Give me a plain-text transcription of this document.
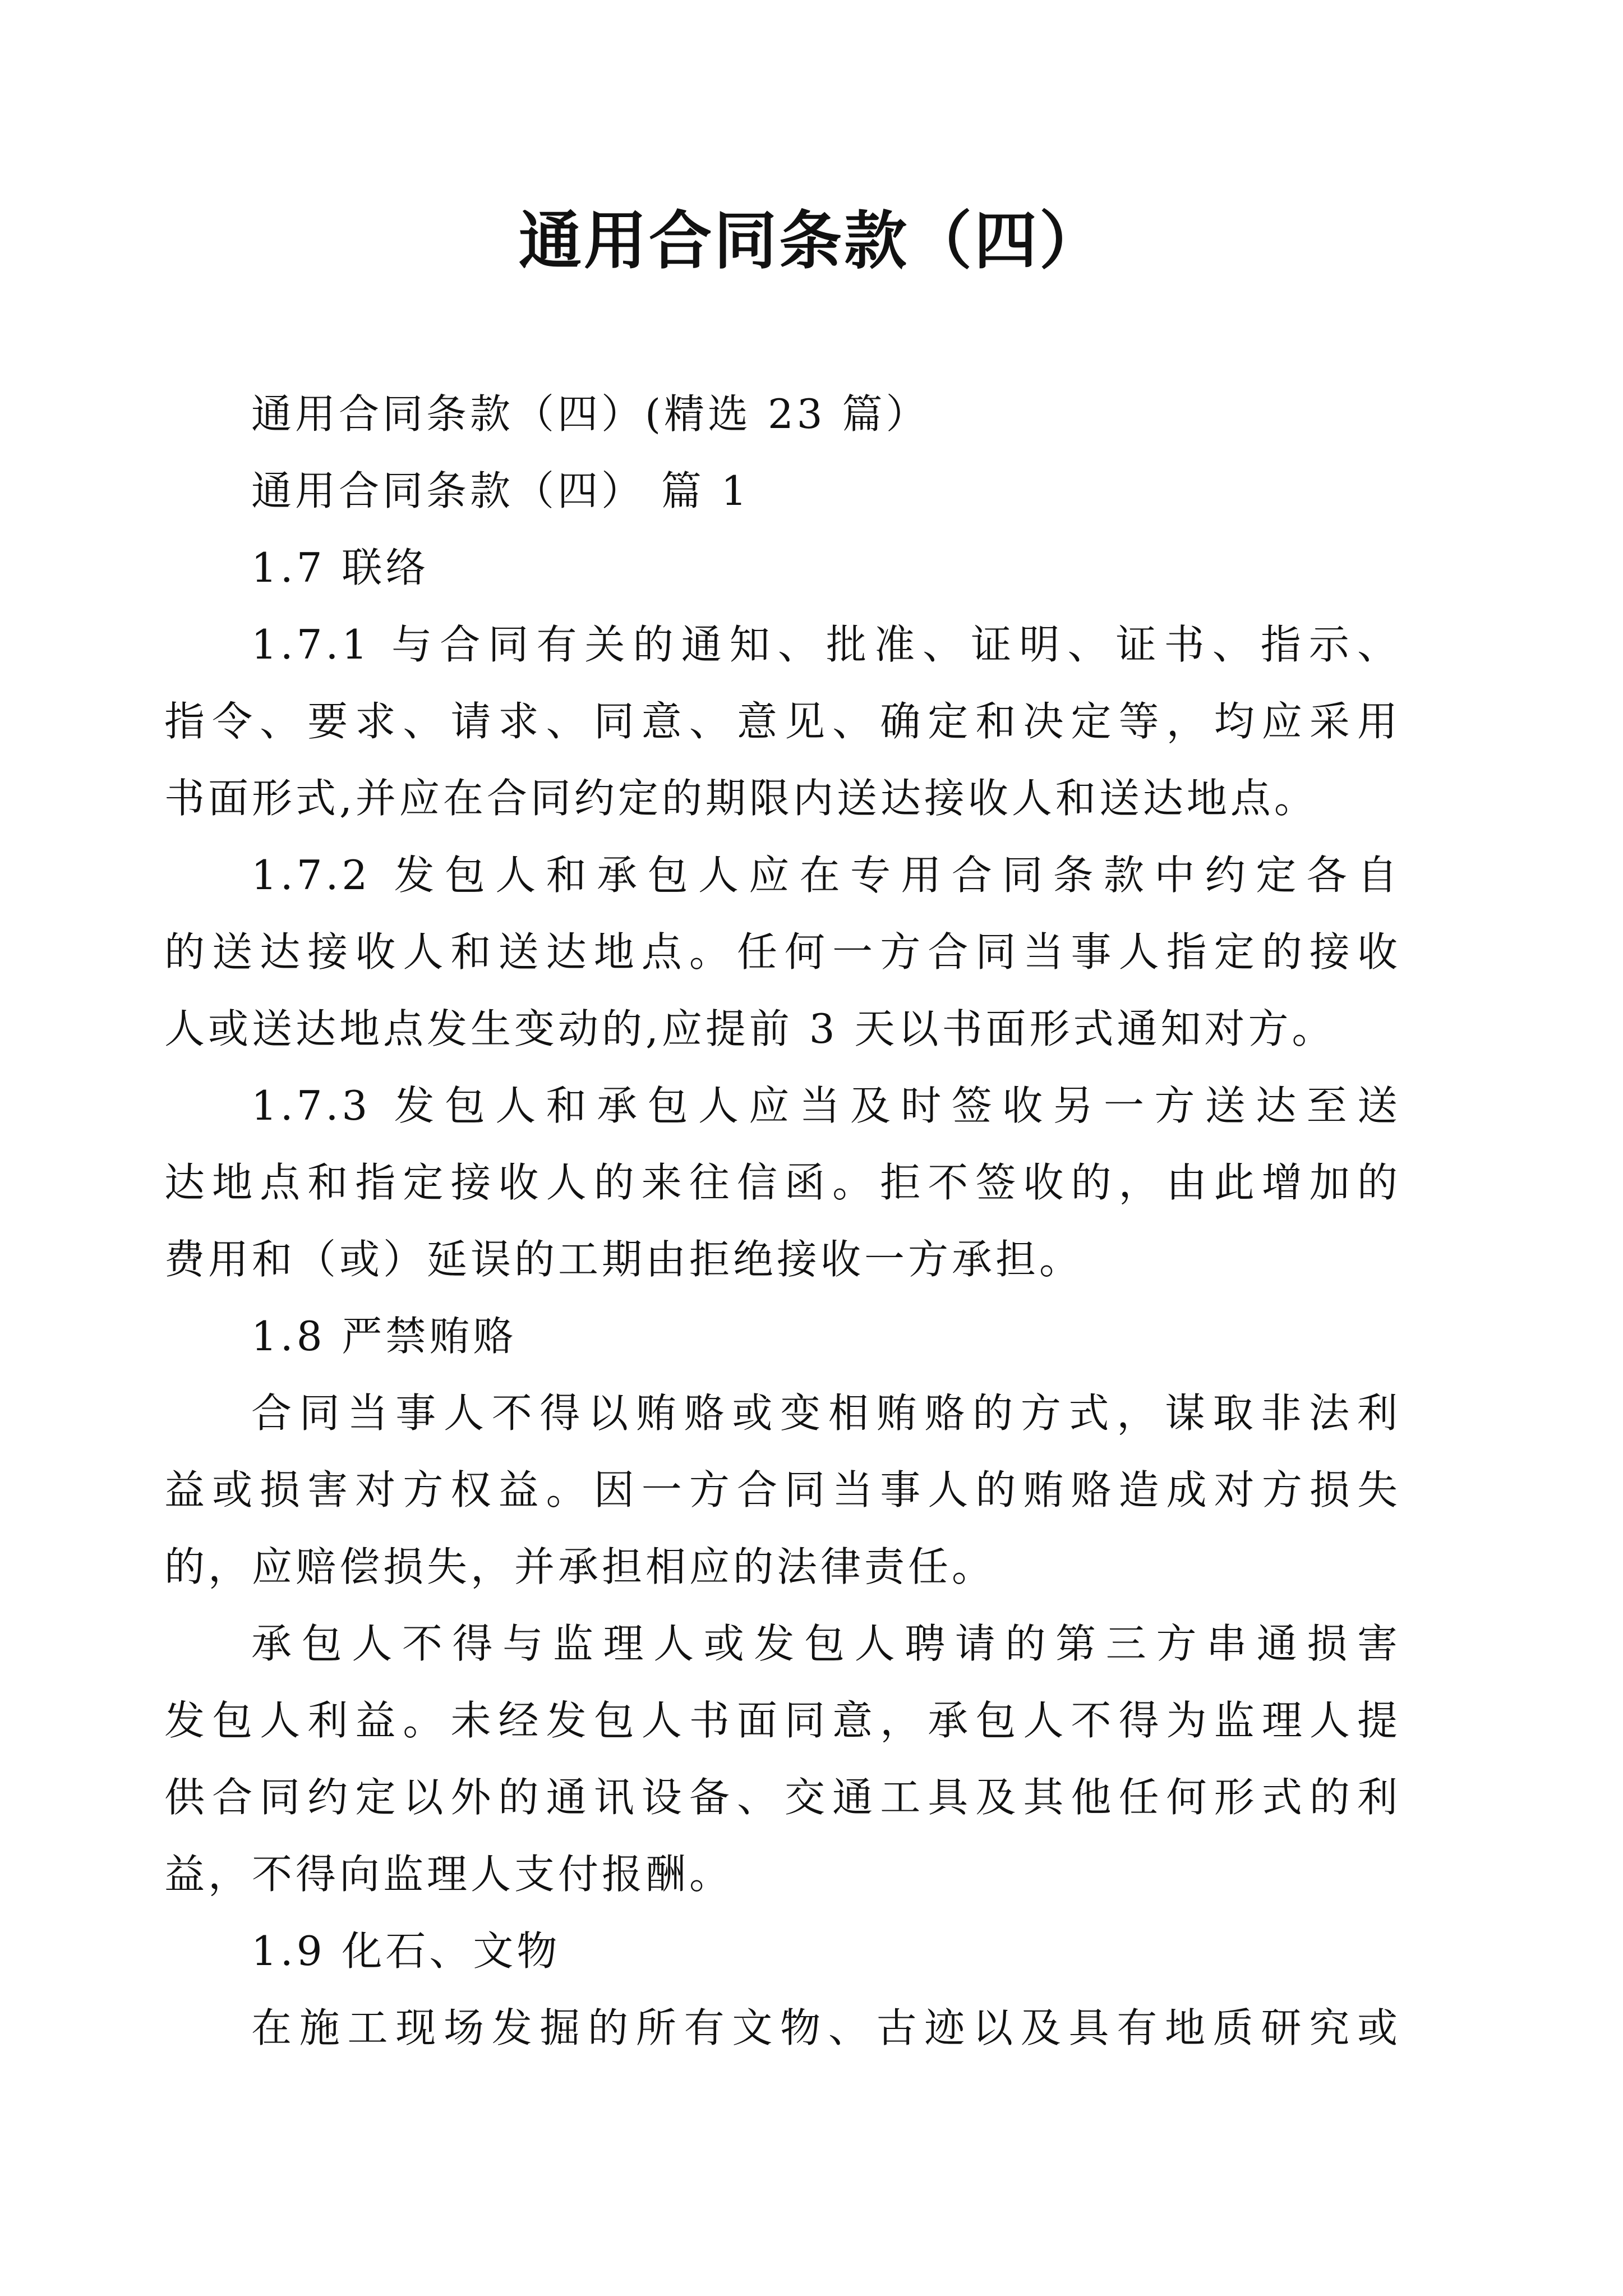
通用合同条款（四）

通用合同条款（四）(精选 23 篇）

通用合同条款（四） 篇 1

1.7 联络

1.7.1 与合同有关的通知、批准、证明、证书、指示、

指令、要求、请求、同意、意见、确定和决定等，均应采用

书面形式,并应在合同约定的期限内送达接收人和送达地点。

1.7.2 发包人和承包人应在专用合同条款中约定各自

的送达接收人和送达地点。任何一方合同当事人指定的接收

人或送达地点发生变动的,应提前 3 天以书面形式通知对方。

1.7.3 发包人和承包人应当及时签收另一方送达至送

达地点和指定接收人的来往信函。拒不签收的，由此增加的

费用和（或）延误的工期由拒绝接收一方承担。

1.8 严禁贿赂

合同当事人不得以贿赂或变相贿赂的方式，谋取非法利

益或损害对方权益。因一方合同当事人的贿赂造成对方损失

的，应赔偿损失，并承担相应的法律责任。

承包人不得与监理人或发包人聘请的第三方串通损害

发包人利益。未经发包人书面同意，承包人不得为监理人提

供合同约定以外的通讯设备、交通工具及其他任何形式的利

益，不得向监理人支付报酬。

1.9 化石、文物

在施工现场发掘的所有文物、古迹以及具有地质研究或
